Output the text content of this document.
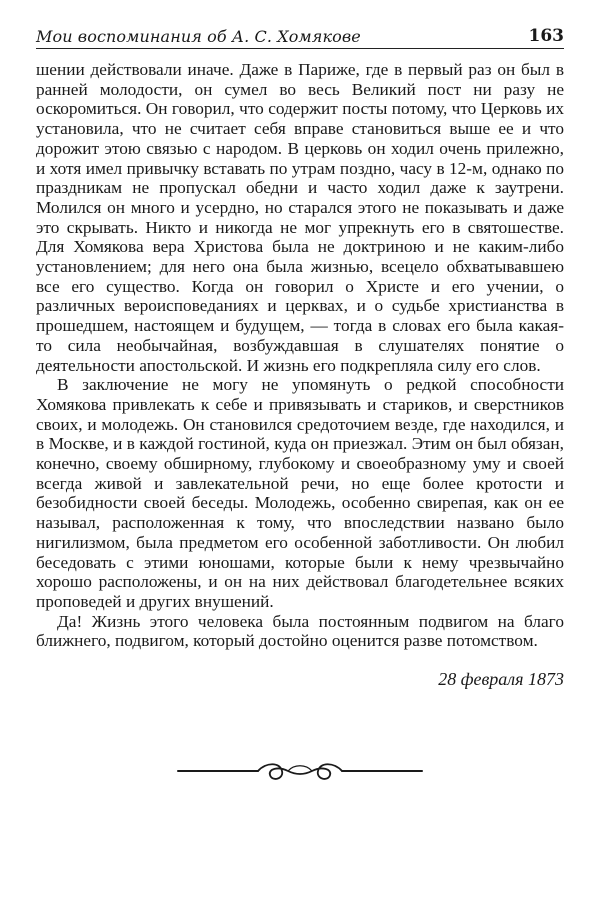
Мои воспоминания об А. С. Хомякове	163

шении действовали иначе. Даже в Париже, где в первый раз он был в ранней молодости, он сумел во весь Великий пост ни разу не оскоромиться. Он говорил, что содержит посты потому, что Церковь их установила, что не считает себя вправе становиться выше ее и что дорожит этою связью с народом. В церковь он ходил очень прилежно, и хотя имел привычку вставать по утрам поздно, часу в 12-м, однако по праздникам не пропускал обедни и часто ходил даже к заутрени. Молился он много и усердно, но старался этого не показывать и даже это скрывать. Никто и никогда не мог упрекнуть его в святошестве. Для Хомякова вера Христова была не доктриною и не каким-либо установлением; для него она была жизнью, всецело обхватывавшею все его существо. Когда он говорил о Христе и его учении, о различных вероисповеданиях и церквах, и о судьбе христианства в прошедшем, настоящем и будущем, — тогда в словах его была какая-то сила необычайная, возбуждавшая в слушателях понятие о деятельности апостольской. И жизнь его подкрепляла силу его слов.

В заключение не могу не упомянуть о редкой способности Хомякова привлекать к себе и привязывать и стариков, и сверстников своих, и молодежь. Он становился средоточием везде, где находился, и в Москве, и в каждой гостиной, куда он приезжал. Этим он был обязан, конечно, своему обширному, глубокому и своеобразному уму и своей всегда живой и завлекательной речи, но еще более кротости и безобидности своей беседы. Молодежь, особенно свирепая, как он ее называл, расположенная к тому, что впоследствии названо было нигилизмом, была предметом его особенной заботливости. Он любил беседовать с этими юношами, которые были к нему чрезвычайно хорошо расположены, и он на них действовал благодетельнее всяких проповедей и других внушений.

Да! Жизнь этого человека была постоянным подвигом на благо ближнего, подвигом, который достойно оценится разве потомством.

28 февраля 1873
